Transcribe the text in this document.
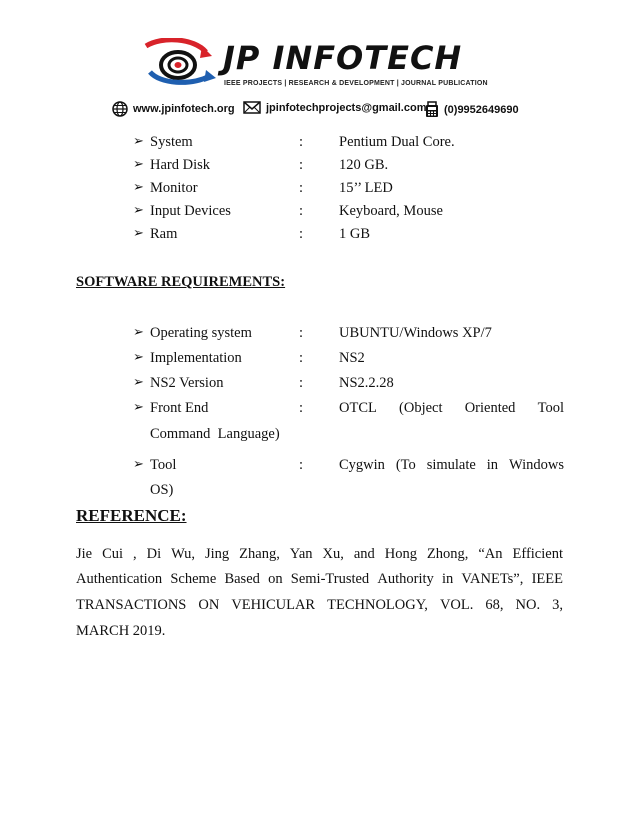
JP INFOTECH
IEEE PROJECTS | RESEARCH & DEVELOPMENT | JOURNAL PUBLICATION
www.jpinfotech.org	jpinfotechprojects@gmail.com (0)9952649690
➢ System	: Pentium Dual Core.
➢ Hard Disk	: 120 GB.
➢ Monitor	: 15’’ LED
➢ Input Devices	: Keyboard, Mouse
➢ Ram	: 1 GB
SOFTWARE REQUIREMENTS:
➢ Operating system	: UBUNTU/Windows XP/7
➢ Implementation	: NS2
➢ NS2 Version	: NS2.2.28
➢ Front End	: OTCL (Object Oriented Tool
Command  Language)
➢ Tool	: Cygwin (To simulate in Windows
OS)
REFERENCE:
Jie Cui , Di Wu, Jing Zhang, Yan Xu, and Hong Zhong, “An Efficient
Authentication Scheme Based on Semi-Trusted Authority in VANETs”, IEEE
TRANSACTIONS ON VEHICULAR TECHNOLOGY, VOL. 68, NO. 3,
MARCH 2019.
